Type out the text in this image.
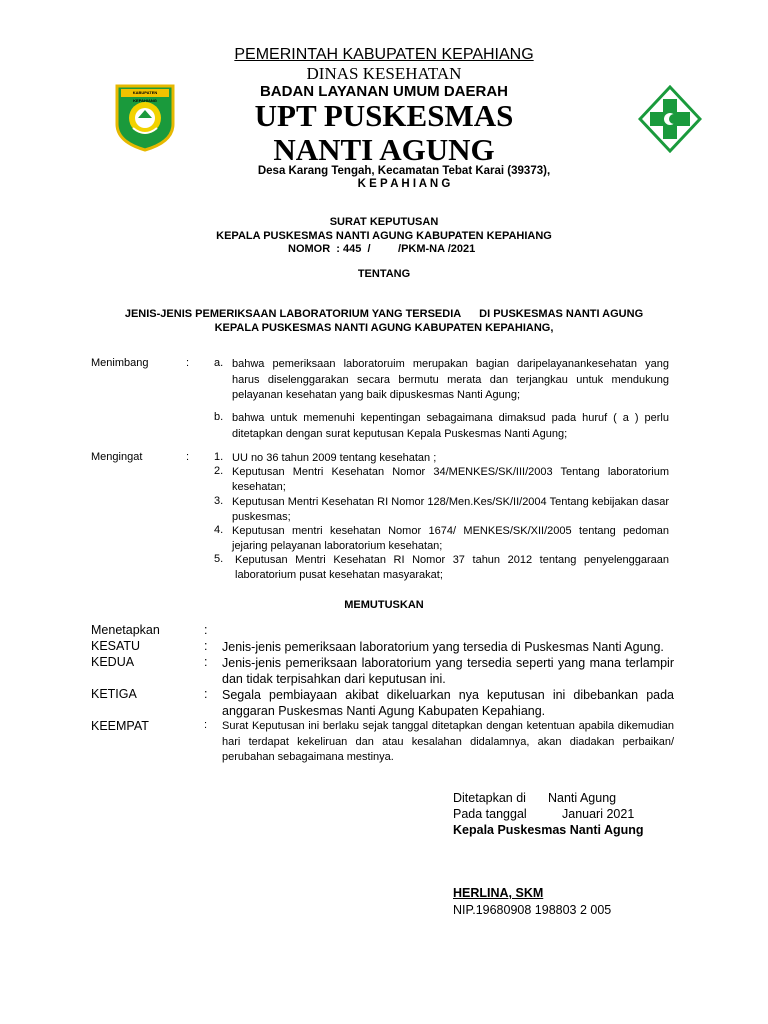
KABUPATEN KEPAHIANG
PEMERINTAH KABUPATEN KEPAHIANG
DINAS KESEHATAN
BADAN LAYANAN UMUM DAERAH
UPT PUSKESMAS
NANTI AGUNG
Desa Karang Tengah, Kecamatan Tebat Karai (39373),
K E P A H I A N G
SURAT KEPUTUSAN
KEPALA PUSKESMAS NANTI AGUNG KABUPATEN KEPAHIANG
NOMOR  : 445  /         /PKM-NA /2021
TENTANG
JENIS-JENIS PEMERIKSAAN LABORATORIUM YANG TERSEDIA      DI PUSKESMAS NANTI AGUNG
KEPALA PUSKESMAS NANTI AGUNG KABUPATEN KEPAHIANG,
Menimbang	: a. bahwa pemeriksaan laboratoruim merupakan bagian daripelayanankesehatan yang harus diselenggarakan secara bermutu merata dan terjangkau untuk mendukung pelayanan kesehatan yang baik dipuskesmas Nanti Agung;
b. bahwa untuk memenuhi kepentingan sebagaimana dimaksud pada huruf ( a ) perlu ditetapkan dengan surat keputusan Kepala Puskesmas Nanti Agung;
Mengingat	: 1. UU no 36 tahun 2009 tentang kesehatan ;
2. Keputusan Mentri Kesehatan Nomor 34/MENKES/SK/III/2003 Tentang laboratorium kesehatan;
3. Keputusan Mentri Kesehatan RI Nomor 128/Men.Kes/SK/II/2004 Tentang kebijakan dasar puskesmas;
4. Keputusan mentri kesehatan Nomor 1674/ MENKES/SK/XII/2005 tentang pedoman jejaring pelayanan laboratorium kesehatan;
5. Keputusan Mentri Kesehatan RI Nomor 37 tahun 2012 tentang penyelenggaraan laboratorium pusat kesehatan masyarakat;
MEMUTUSKAN
Menetapkan	:
KESATU	: Jenis-jenis pemeriksaan laboratorium yang tersedia di Puskesmas Nanti Agung.
KEDUA	: Jenis-jenis pemeriksaan laboratorium yang tersedia seperti yang mana terlampir dan tidak terpisahkan dari keputusan ini.
KETIGA	: Segala pembiayaan akibat dikeluarkan nya keputusan ini dibebankan pada anggaran Puskesmas Nanti Agung Kabupaten Kepahiang.
KEEMPAT	: Surat Keputusan ini berlaku sejak tanggal ditetapkan dengan ketentuan apabila dikemudian hari terdapat kekeliruan dan atau kesalahan didalamnya, akan diadakan perbaikan/ perubahan sebagaimana mestinya.
Ditetapkan di Nanti Agung
Pada tanggal	Januari 2021
Kepala Puskesmas Nanti Agung
HERLINA, SKM
NIP.19680908 198803 2 005
